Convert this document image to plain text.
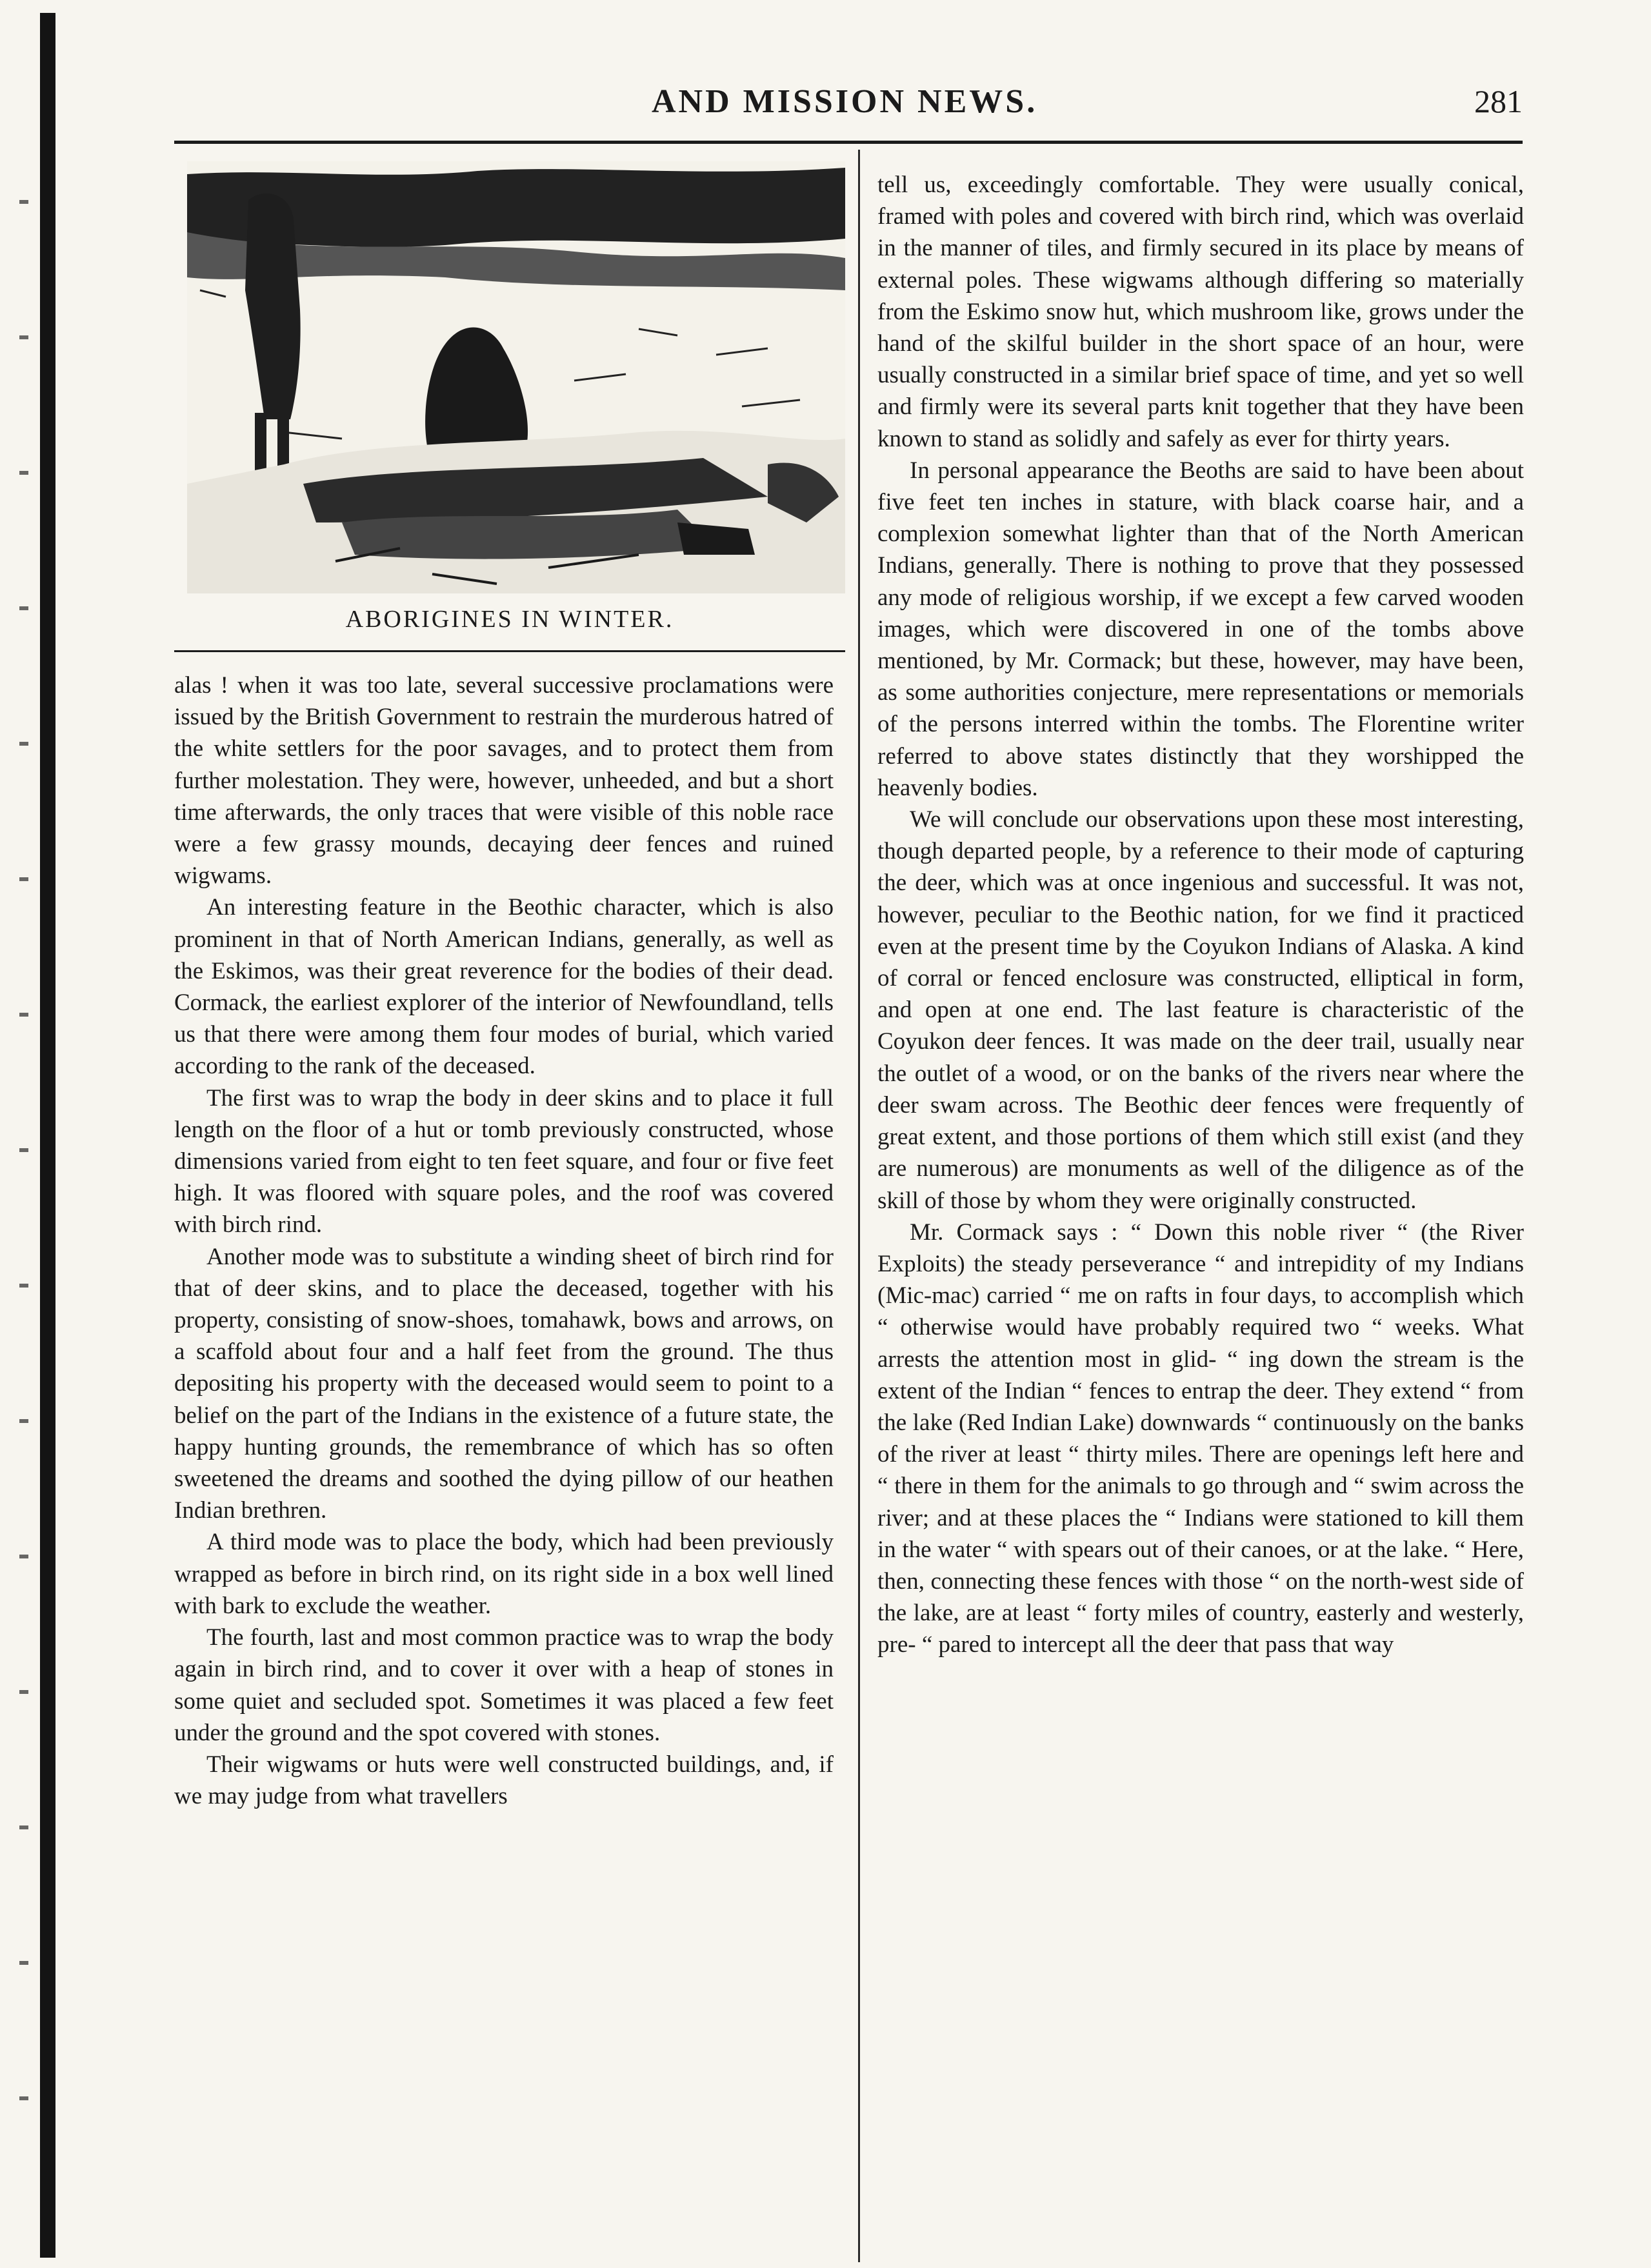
AND MISSION NEWS.	281
ABORIGINES IN WINTER.

alas ! when it was too late, several successive proclamations were issued by the British Government to restrain the murderous hatred of the white settlers for the poor savages, and to protect them from further molestation. They were, however, unheeded, and but a short time afterwards, the only traces that were visible of this noble race were a few grassy mounds, decaying deer fences and ruined wigwams.

An interesting feature in the Beothic character, which is also prominent in that of North American Indians, generally, as well as the Eskimos, was their great reverence for the bodies of their dead. Cormack, the earliest explorer of the interior of Newfoundland, tells us that there were among them four modes of burial, which varied according to the rank of the deceased.

The first was to wrap the body in deer skins and to place it full length on the floor of a hut or tomb previously constructed, whose dimensions varied from eight to ten feet square, and four or five feet high. It was floored with square poles, and the roof was covered with birch rind.

Another mode was to substitute a winding sheet of birch rind for that of deer skins, and to place the deceased, together with his property, consisting of snow-shoes, tomahawk, bows and arrows, on a scaffold about four and a half feet from the ground. The thus depositing his property with the deceased would seem to point to a belief on the part of the Indians in the existence of a future state, the happy hunting grounds, the remembrance of which has so often sweetened the dreams and soothed the dying pillow of our heathen Indian brethren.

A third mode was to place the body, which had been previously wrapped as before in birch rind, on its right side in a box well lined with bark to exclude the weather.

The fourth, last and most common practice was to wrap the body again in birch rind, and to cover it over with a heap of stones in some quiet and secluded spot. Sometimes it was placed a few feet under the ground and the spot covered with stones.

Their wigwams or huts were well constructed buildings, and, if we may judge from what travellers

tell us, exceedingly comfortable. They were usually conical, framed with poles and covered with birch rind, which was overlaid in the manner of tiles, and firmly secured in its place by means of external poles. These wigwams although differing so materially from the Eskimo snow hut, which mushroom like, grows under the hand of the skilful builder in the short space of an hour, were usually constructed in a similar brief space of time, and yet so well and firmly were its several parts knit together that they have been known to stand as solidly and safely as ever for thirty years.

In personal appearance the Beoths are said to have been about five feet ten inches in stature, with black coarse hair, and a complexion somewhat lighter than that of the North American Indians, generally. There is nothing to prove that they possessed any mode of religious worship, if we except a few carved wooden images, which were discovered in one of the tombs above mentioned, by Mr. Cormack; but these, however, may have been, as some authorities conjecture, mere representations or memorials of the persons interred within the tombs. The Florentine writer referred to above states distinctly that they worshipped the heavenly bodies.

We will conclude our observations upon these most interesting, though departed people, by a reference to their mode of capturing the deer, which was at once ingenious and successful. It was not, however, peculiar to the Beothic nation, for we find it practiced even at the present time by the Coyukon Indians of Alaska. A kind of corral or fenced enclosure was constructed, elliptical in form, and open at one end. The last feature is characteristic of the Coyukon deer fences. It was made on the deer trail, usually near the outlet of a wood, or on the banks of the rivers near where the deer swam across. The Beothic deer fences were frequently of great extent, and those portions of them which still exist (and they are numerous) are monuments as well of the diligence as of the skill of those by whom they were originally constructed.

Mr. Cormack says : “ Down this noble river “ (the River Exploits) the steady perseverance “ and intrepidity of my Indians (Mic-mac) carried “ me on rafts in four days, to accomplish which “ otherwise would have probably required two “ weeks. What arrests the attention most in glid- “ ing down the stream is the extent of the Indian “ fences to entrap the deer. They extend “ from the lake (Red Indian Lake) downwards “ continuously on the banks of the river at least “ thirty miles. There are openings left here and “ there in them for the animals to go through and “ swim across the river; and at these places the “ Indians were stationed to kill them in the water “ with spears out of their canoes, or at the lake. “ Here, then, connecting these fences with those “ on the north-west side of the lake, are at least “ forty miles of country, easterly and westerly, pre- “ pared to intercept all the deer that pass that way
